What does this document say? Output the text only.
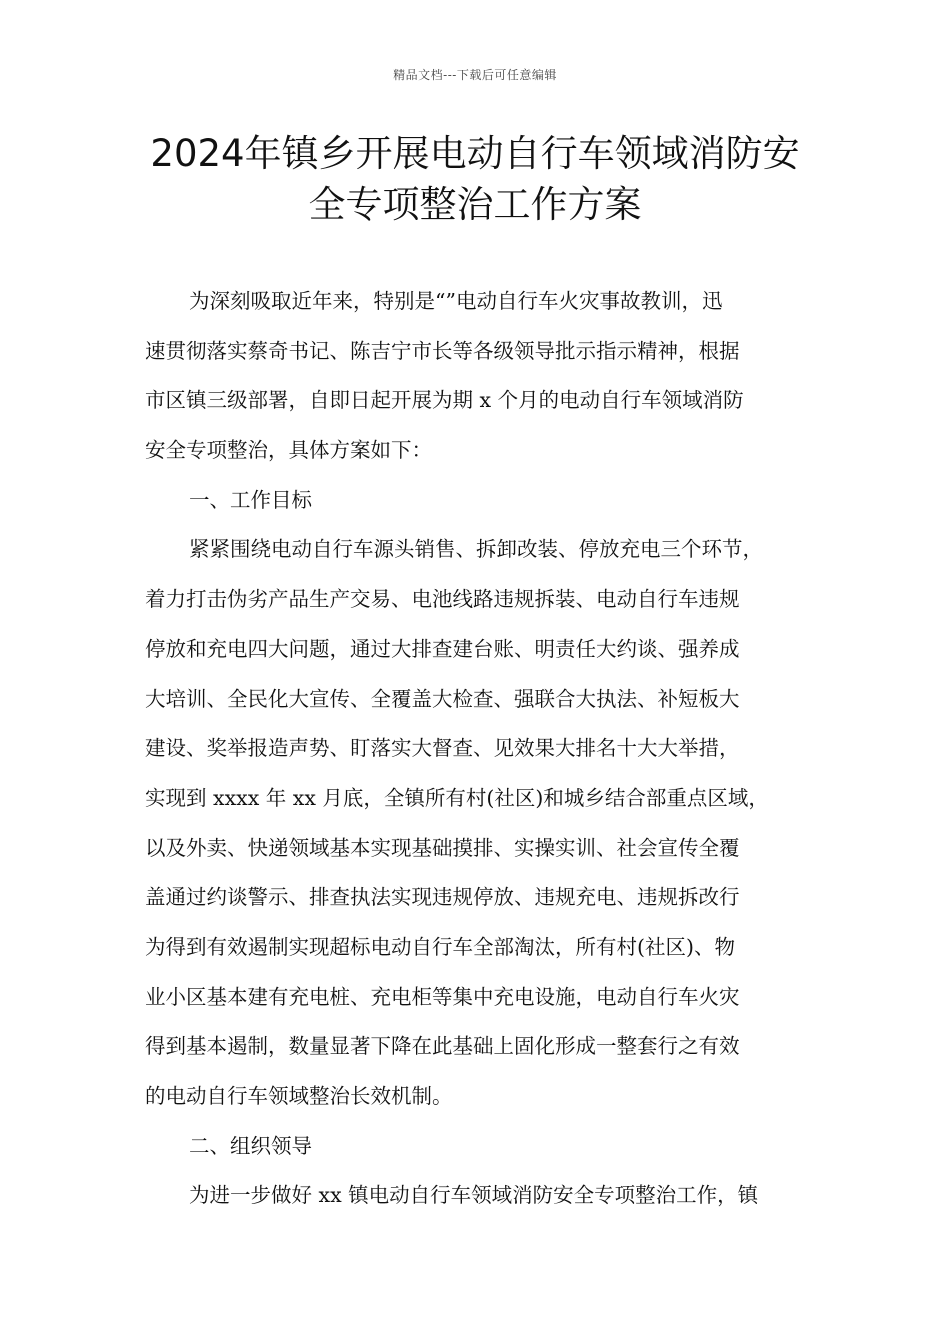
精品文档---下载后可任意编辑
2024年镇乡开展电动自行车领域消防安
全专项整治工作方案
为深刻吸取近年来，特别是“”电动自行车火灾事故教训，迅
速贯彻落实蔡奇书记、陈吉宁市长等各级领导批示指示精神，根据
市区镇三级部署，自即日起开展为期 x 个月的电动自行车领域消防
安全专项整治，具体方案如下：
一、工作目标
紧紧围绕电动自行车源头销售、拆卸改装、停放充电三个环节，
着力打击伪劣产品生产交易、电池线路违规拆装、电动自行车违规
停放和充电四大问题，通过大排查建台账、明责任大约谈、强养成
大培训、全民化大宣传、全覆盖大检查、强联合大执法、补短板大
建设、奖举报造声势、盯落实大督查、见效果大排名十大大举措，
实现到 xxxx 年 xx 月底，全镇所有村(社区)和城乡结合部重点区域，
以及外卖、快递领域基本实现基础摸排、实操实训、社会宣传全覆
盖通过约谈警示、排查执法实现违规停放、违规充电、违规拆改行
为得到有效遏制实现超标电动自行车全部淘汰，所有村(社区)、物
业小区基本建有充电桩、充电柜等集中充电设施，电动自行车火灾
得到基本遏制，数量显著下降在此基础上固化形成一整套行之有效
的电动自行车领域整治长效机制。
二、组织领导
为进一步做好 xx 镇电动自行车领域消防安全专项整治工作，镇
